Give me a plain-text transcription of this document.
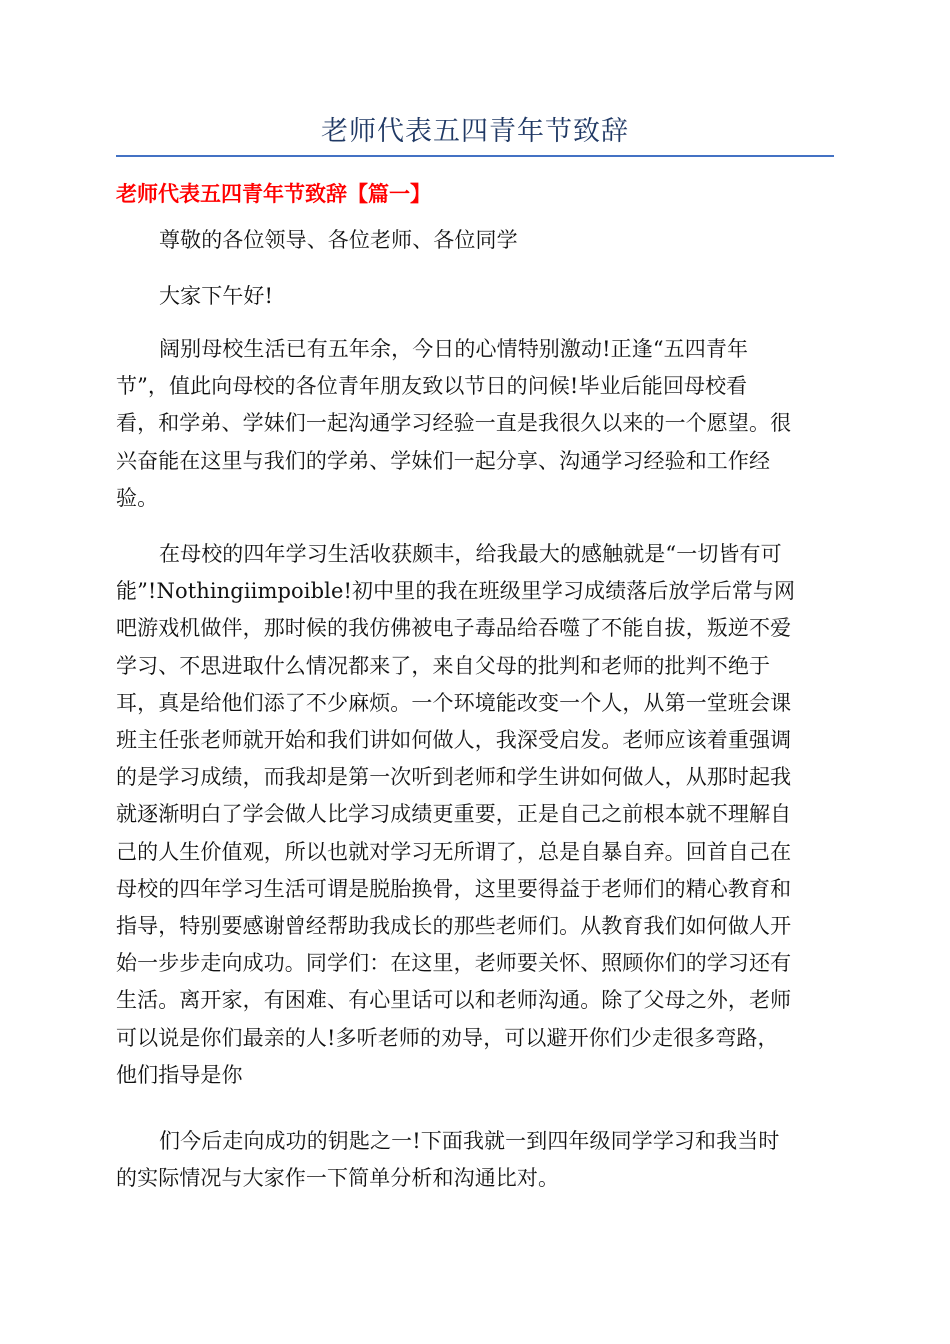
老师代表五四青年节致辞
老师代表五四青年节致辞【篇一】

尊敬的各位领导、各位老师、各位同学

大家下午好!

阔别母校生活已有五年余，今日的心情特别激动!正逢“五四青年
节”，值此向母校的各位青年朋友致以节日的问候!毕业后能回母校看
看，和学弟、学妹们一起沟通学习经验一直是我很久以来的一个愿望。很
兴奋能在这里与我们的学弟、学妹们一起分享、沟通学习经验和工作经
验。

在母校的四年学习生活收获颇丰，给我最大的感触就是“一切皆有可
能”!Nothingiimpoible!初中里的我在班级里学习成绩落后放学后常与网
吧游戏机做伴，那时候的我仿佛被电子毒品给吞噬了不能自拔，叛逆不爱
学习、不思进取什么情况都来了，来自父母的批判和老师的批判不绝于
耳，真是给他们添了不少麻烦。一个环境能改变一个人，从第一堂班会课
班主任张老师就开始和我们讲如何做人，我深受启发。老师应该着重强调
的是学习成绩，而我却是第一次听到老师和学生讲如何做人，从那时起我
就逐渐明白了学会做人比学习成绩更重要，正是自己之前根本就不理解自
己的人生价值观，所以也就对学习无所谓了，总是自暴自弃。回首自己在
母校的四年学习生活可谓是脱胎换骨，这里要得益于老师们的精心教育和
指导，特别要感谢曾经帮助我成长的那些老师们。从教育我们如何做人开
始一步步走向成功。同学们：在这里，老师要关怀、照顾你们的学习还有
生活。离开家，有困难、有心里话可以和老师沟通。除了父母之外，老师
可以说是你们最亲的人!多听老师的劝导，可以避开你们少走很多弯路，
他们指导是你

们今后走向成功的钥匙之一!下面我就一到四年级同学学习和我当时
的实际情况与大家作一下简单分析和沟通比对。
